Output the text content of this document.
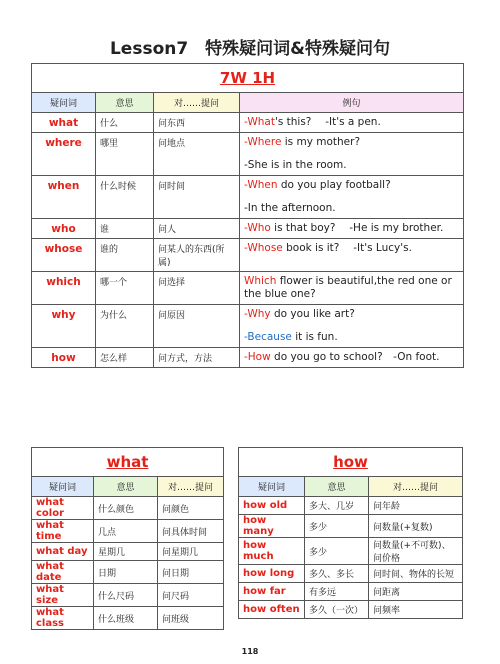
Lesson7　特殊疑问词&特殊疑问句
7W 1H			
疑问词	意思	对……提问	例句
what	什么	问东西	-What's this?　 -It's a pen.

where	哪里	问地点	-Where is my mother?

-She is in the room.

when	什么时候	问时间	-When do you play football?

-In the afternoon.

who	谁	问人	-Who is that boy?　 -He is my brother.

whose	谁的	问某人的东西(所属)	-Whose book is it?　 -It's Lucy's.

which	哪一个	问选择	Which flower is beautiful,the red one or the blue one?

why	为什么	问原因	-Why do you like art?

-Because it is fun.

how	怎么样	问方式，方法	-How do you go to school?　-On foot.

what		
疑问词	意思	对……提问
what color	什么颜色	问颜色
what time	几点	问具体时间
what day	星期几	问星期几
what date	日期	问日期
what size	什么尺码	问尺码
what class	什么班级	问班级
how		
疑问词	意思	对……提问
how old	多大、几岁	问年龄
how many	多少	问数量(+复数)
how much	多少	问数量(+不可数)、问价格
how long	多久、多长	问时间、物体的长短
how far	有多远	问距离
how often	多久（一次）	问频率
118
